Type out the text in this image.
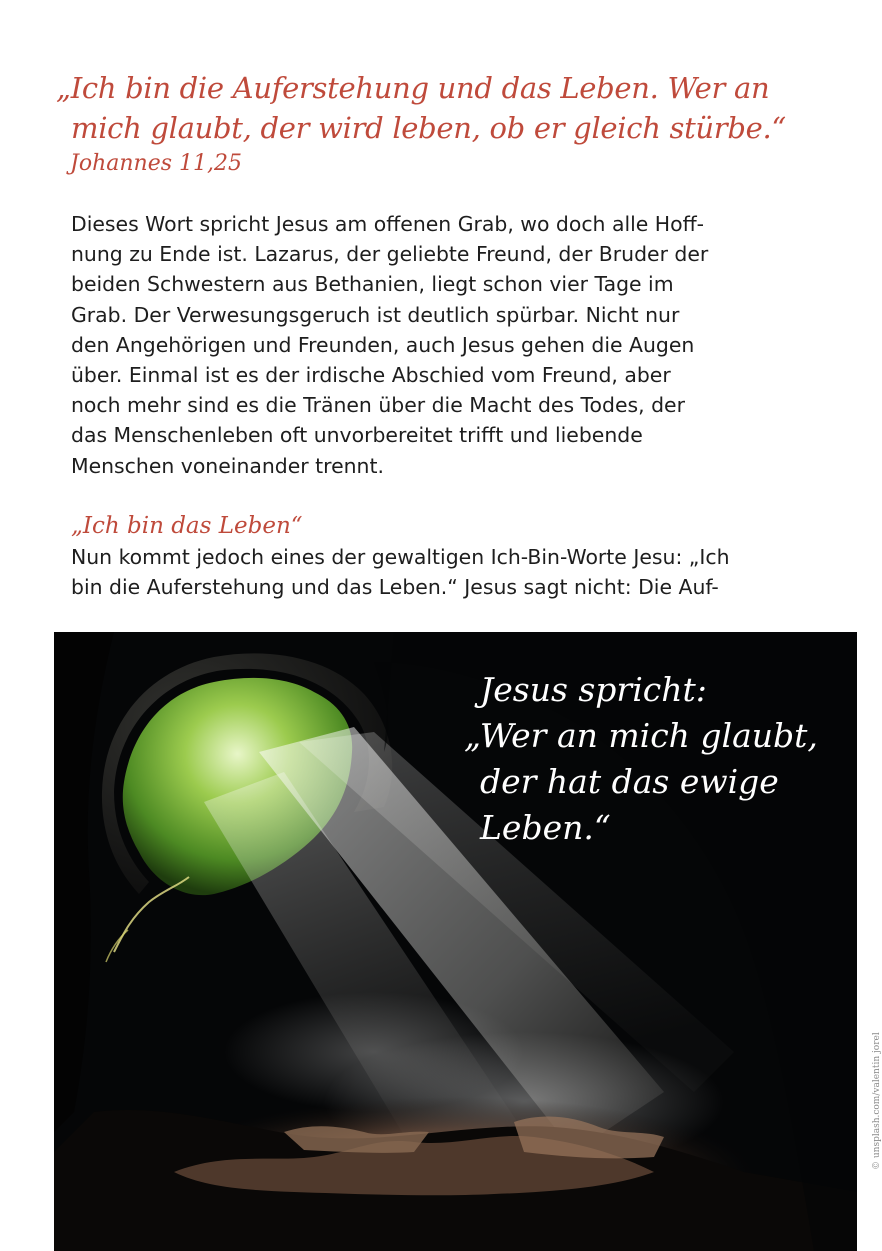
„Ich bin die Auferstehung und das Leben. Wer an
mich glaubt, der wird leben, ob er gleich stürbe.“

Johannes 11,25

Dieses Wort spricht Jesus am offenen Grab, wo doch alle Hoff-
nung zu Ende ist. Lazarus, der geliebte Freund, der Bruder der
beiden Schwestern aus Bethanien, liegt schon vier Tage im
Grab. Der Verwesungsgeruch ist deutlich spürbar. Nicht nur
den Angehörigen und Freunden, auch Jesus gehen die Augen
über. Einmal ist es der irdische Abschied vom Freund, aber
noch mehr sind es die Tränen über die Macht des Todes, der
das Menschenleben oft unvorbereitet trifft und liebende
Menschen voneinander trennt.

„Ich bin das Leben“

Nun kommt jedoch eines der gewaltigen Ich-Bin-Worte Jesu: „Ich
bin die Auferstehung und das Leben.“ Jesus sagt nicht: Die Auf-

Jesus spricht:
„Wer an mich glaubt,
der hat das ewige
Leben.“

© unsplash.com/valentin jorel
